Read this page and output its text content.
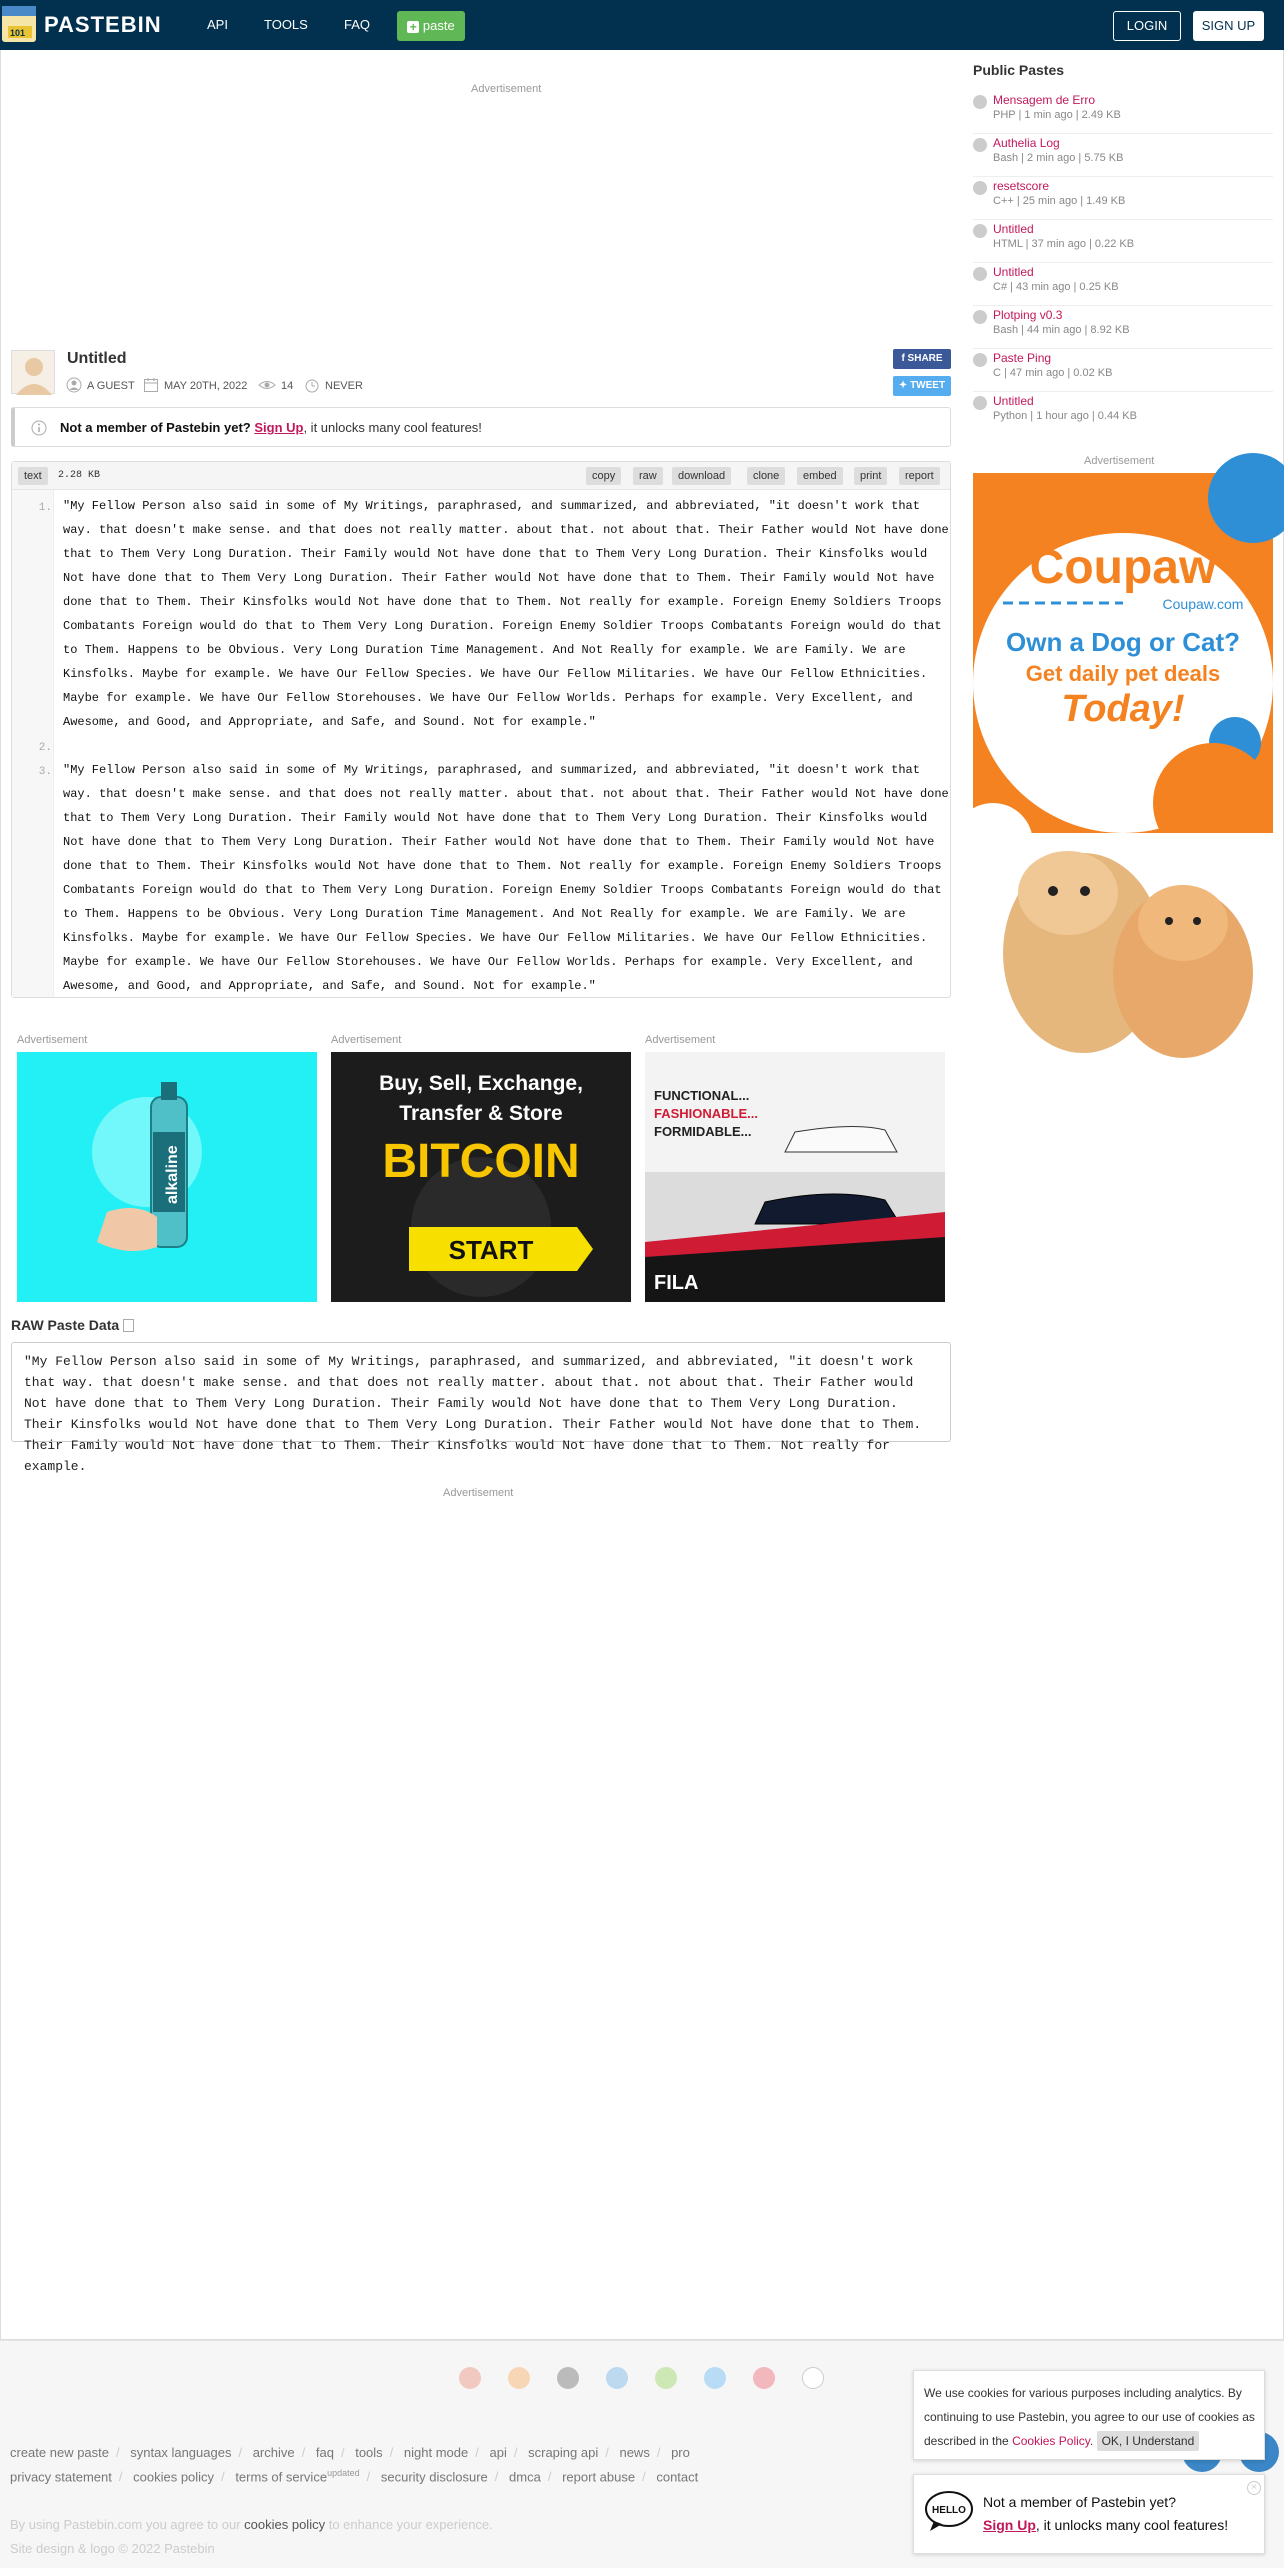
101 PASTEBIN	API	TOOLS	FAQ	+ paste	LOGIN	SIGN UP
Advertisement
Untitled
A GUEST	MAY 20TH, 2022	14	NEVER
f SHARE
✦ TWEET
Not a member of Pastebin yet? Sign Up, it unlocks many cool features!
text	2.28 KB	copy	raw	download	clone	embed	print	report
1.
2.
3.
"My Fellow Person also said in some of My Writings, paraphrased, and summarized, and abbreviated, "it doesn't work that way. that doesn't make sense. and that does not really matter. about that. not about that. Their Father would Not have done that to Them Very Long Duration. Their Family would Not have done that to Them Very Long Duration. Their Kinsfolks would Not have done that to Them Very Long Duration. Their Father would Not have done that to Them. Their Family would Not have done that to Them. Their Kinsfolks would Not have done that to Them. Not really for example. Foreign Enemy Soldiers Troops Combatants Foreign would do that to Them Very Long Duration. Foreign Enemy Soldier Troops Combatants Foreign would do that to Them. Happens to be Obvious. Very Long Duration Time Management. And Not Really for example. We are Family. We are Kinsfolks. Maybe for example. We have Our Fellow Species. We have Our Fellow Militaries. We have Our Fellow Ethnicities. Maybe for example. We have Our Fellow Storehouses. We have Our Fellow Worlds. Perhaps for example. Very Excellent, and Awesome, and Good, and Appropriate, and Safe, and Sound. Not for example."
"My Fellow Person also said in some of My Writings, paraphrased, and summarized, and abbreviated, "it doesn't work that way. that doesn't make sense. and that does not really matter. about that. not about that. Their Father would Not have done that to Them Very Long Duration. Their Family would Not have done that to Them Very Long Duration. Their Kinsfolks would Not have done that to Them Very Long Duration. Their Father would Not have done that to Them. Their Family would Not have done that to Them. Their Kinsfolks would Not have done that to Them. Not really for example. Foreign Enemy Soldiers Troops Combatants Foreign would do that to Them Very Long Duration. Foreign Enemy Soldier Troops Combatants Foreign would do that to Them. Happens to be Obvious. Very Long Duration Time Management. And Not Really for example. We are Family. We are Kinsfolks. Maybe for example. We have Our Fellow Species. We have Our Fellow Militaries. We have Our Fellow Ethnicities. Maybe for example. We have Our Fellow Storehouses. We have Our Fellow Worlds. Perhaps for example. Very Excellent, and Awesome, and Good, and Appropriate, and Safe, and Sound. Not for example."
Advertisement	Advertisement	Advertisement
alkaline
Buy, Sell, Exchange,
Transfer & Store
BITCOIN
START
FUNCTIONAL...
FASHIONABLE...
FORMIDABLE...
FILA
RAW Paste Data
"My Fellow Person also said in some of My Writings, paraphrased, and summarized, and abbreviated, "it doesn't work that way. that doesn't make sense. and that does not really matter. about that. not about that. Their Father would Not have done that to Them Very Long Duration. Their Family would Not have done that to Them Very Long Duration. Their Kinsfolks would Not have done that to Them Very Long Duration. Their Father would Not have done that to Them. Their Family would Not have done that to Them. Their Kinsfolks would Not have done that to Them. Not really for example.
Advertisement
Public Pastes
Mensagem de Erro
PHP | 1 min ago | 2.49 KB
Authelia Log
Bash | 2 min ago | 5.75 KB
resetscore
C++ | 25 min ago | 1.49 KB
Untitled
HTML | 37 min ago | 0.22 KB
Untitled
C# | 43 min ago | 0.25 KB
Plotping v0.3
Bash | 44 min ago | 8.92 KB
Paste Ping
C | 47 min ago | 0.02 KB
Untitled
Python | 1 hour ago | 0.44 KB
Advertisement
Coupaw
Coupaw.com
Own a Dog or Cat?
Get daily pet deals
Today!
create new paste / syntax languages / archive / faq / tools / night mode / api / scraping api / news / pro
privacy statement / cookies policy / terms of service$^{updated}$ / security disclosure / dmca / report abuse / contact
By using Pastebin.com you agree to our cookies policy to enhance your experience.
Site design & logo © 2022 Pastebin
We use cookies for various purposes including analytics. By continuing to use Pastebin, you agree to our use of cookies as described in the Cookies Policy. OK, I Understand
HELLO
Not a member of Pastebin yet?
Sign Up, it unlocks many cool features!
×
